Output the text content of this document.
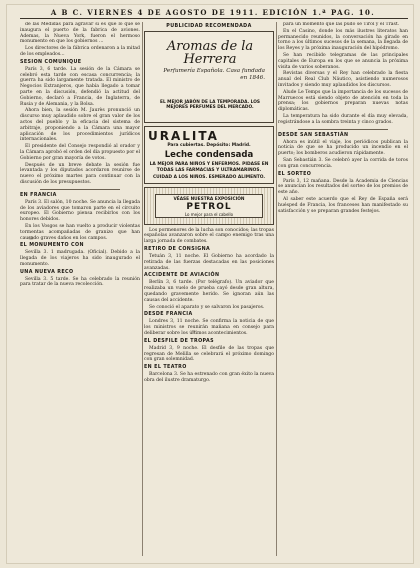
A B C. VIERNES 4 DE AGOSTO DE 1911. EDICIÓN 1.ª PAG. 10.

de las Medidas para agravar si es que lo que se inaugura el puerto de la fabrica de aviones. Ademas, la Nueva York, fueron el hermoso monumento en que los gobiernos ...

Los directores de la fábrica ordenaron a la mitad de los empleados...

SESION COMUNIQUE

París 3, 6 tarde. La sesión de la Cámara se celebró esta tarde con escasa concurrencia; la guerra ha sido largamente tratada. El ministro de Negocios Extranjeros, que había llegado a tomar parte en la discusión, defendió la actitud del Gobierno, declaró a Francia, de Inglaterra, de Rusia y de Alemania, y la Bolsa.

Ahora bien, la sesión M. Jaurès pronunció un discurso muy aplaudido sobre el gran valor de los actos del pueblo y la eficacia del sistema de arbitraje, proponiendo a la Cámara una mayor aplicación de los procedimientos jurídicos internacionales.

El presidente del Consejo respondió al orador y la Cámara aprobó el orden del día propuesto por el Gobierno por gran mayoría de votos.

Después de un breve debate la sesión fue levantada y los diputados acordaron reunirse de nuevo el próximo martes para continuar con la discusión de los presupuestos.

EN FRANCIA

París 3. El salón, 10 noche. Se anuncia la llegada de los aviadores que tomaron parte en el circuito europeo. El Gobierno piensa recibirlos con los honores debidos.

En los Vosgos se han vuelto a producir violentas tormentas acompañadas de granizo que han causado graves daños en los campos.

EL MONUMENTO CON

Sevilla 3. 1 madrugada. (Oficial). Debido a la llegada de los viajeros ha sido inaugurado el monumento.

UNA NUEVA RECO

Sevilla 3. 5 tarde. Se ha celebrado la reunión para tratar de la nueva recolección.

PUBLICIDAD RECOMENDADA
Aromas de la Herrera
Perfumería Española. Casa fundada en 1846.
EL MEJOR JABÓN DE LA TEMPORADA. LOS MEJORES PERFUMES DEL MERCADO.
URALITA
Para cubiertas. Depósito: Madrid.
Leche condensada
LA MEJOR PARA NIÑOS Y ENFERMOS. PIDASE EN TODAS LAS FARMACIAS Y ULTRAMARINOS.
CUIDAD A LOS NIÑOS. ESMERADO ALIMENTO.
VÉASE NUESTRA EXPOSICIÓN
PETROL
Lo mejor para el cabello

Los pormenores de la lucha son conocidos; las tropas españolas avanzaron sobre el campo enemigo tras una larga jornada de combates.

RETIRO DE CONSIGNA

Tetuán 3, 11 noche. El Gobierno ha acordado la retirada de las fuerzas destacadas en las posiciones avanzadas.

ACCIDENTE DE AVIACIÓN

Berlín 3, 6 tarde. (Por telégrafo). Un aviador que realizaba un vuelo de prueba cayó desde gran altura, quedando gravemente herido. Se ignoran aún las causas del accidente.

Se conoció el aparato y se salvaron los pasajeros.

DESDE FRANCIA

Londres 3, 11 noche. Se confirma la noticia de que los ministros se reunirán mañana en consejo para deliberar sobre los últimos acontecimientos.

EL DESFILE DE TROPAS

Madrid 3, 9 noche. El desfile de las tropas que regresan de Melilla se celebrará el próximo domingo con gran solemnidad.

EN EL TEATRO

Barcelona 3. Se ha estrenado con gran éxito la nueva obra del ilustre dramaturgo.

para un momento que las pudo se Tirol y el Trast.

En el Casino, donde los más ilustres literatos han permanecido reunidos, la conversación ha girado en torno a los últimos sucesos de la semana, la llegada de los Reyes y la próxima inauguración del hipódromo.

Se han recibido telegramas de las principales capitales de Europa en los que se anuncia la próxima visita de varios soberanos.

Revistas diversas y el Rey han celebrado la fiesta anual del Real Club Náutico, asistiendo numerosos invitados y siendo muy aplaudidos los discursos.

Alude Le Temps que la importancia de los sucesos de Marruecos está siendo objeto de atención en toda la prensa; los gobiernos preparan nuevas notas diplomáticas.

La temperatura ha sido durante el día muy elevada, registrándose a la sombra treinta y cinco grados.

DESDE SAN SEBASTIÁN

Ahora es inútil el viaje, los periódicos publican la noticia de que se ha producido un incendio en el puerto; los bomberos acudieron rápidamente.

San Sebastián 3. Se celebró ayer la corrida de toros con gran concurrencia.

EL SORTEO

París 3, 12 mañana. Desde la Academia de Ciencias se anuncian los resultados del sorteo de los premios de este año.

Al saber este acuerdo que el Rey de España será huésped de Francia, los franceses han manifestado su satisfacción y se preparan grandes festejos.
